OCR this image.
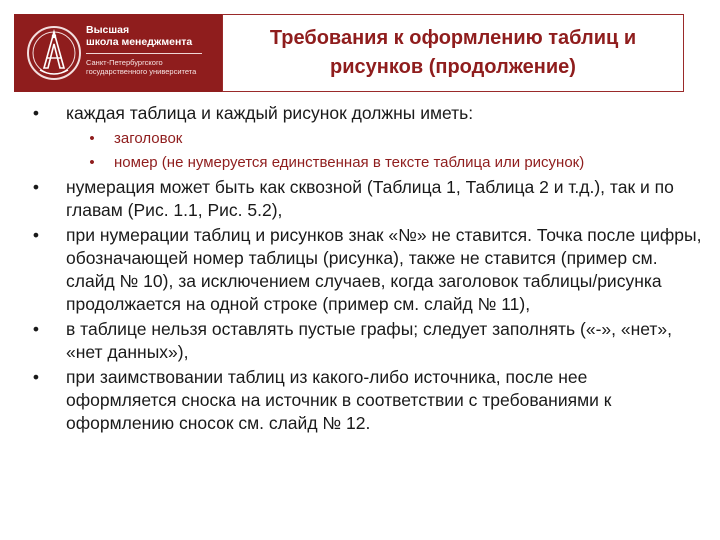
Высшая
школа менеджмента
Санкт-Петербургского
государственного университета
Требования к оформлению таблиц и
рисунков (продолжение)
•	каждая таблица и каждый рисунок должны иметь:
•	заголовок
•	номер (не нумеруется единственная в тексте таблица или рисунок)
•	нумерация может быть как сквозной (Таблица 1, Таблица 2 и т.д.), так и по главам (Рис. 1.1, Рис. 5.2),
•	при нумерации таблиц и рисунков знак «№» не ставится. Точка после цифры, обозначающей номер таблицы (рисунка), также не ставится (пример см. слайд № 10), за исключением случаев, когда заголовок таблицы/рисунка продолжается на одной строке (пример см. слайд № 11),
•	в таблице нельзя оставлять пустые графы; следует заполнять («-», «нет», «нет данных»),
•	при заимствовании таблиц из какого-либо источника, после нее оформляется сноска на источник в соответствии с требованиями к оформлению сносок см. слайд № 12.
